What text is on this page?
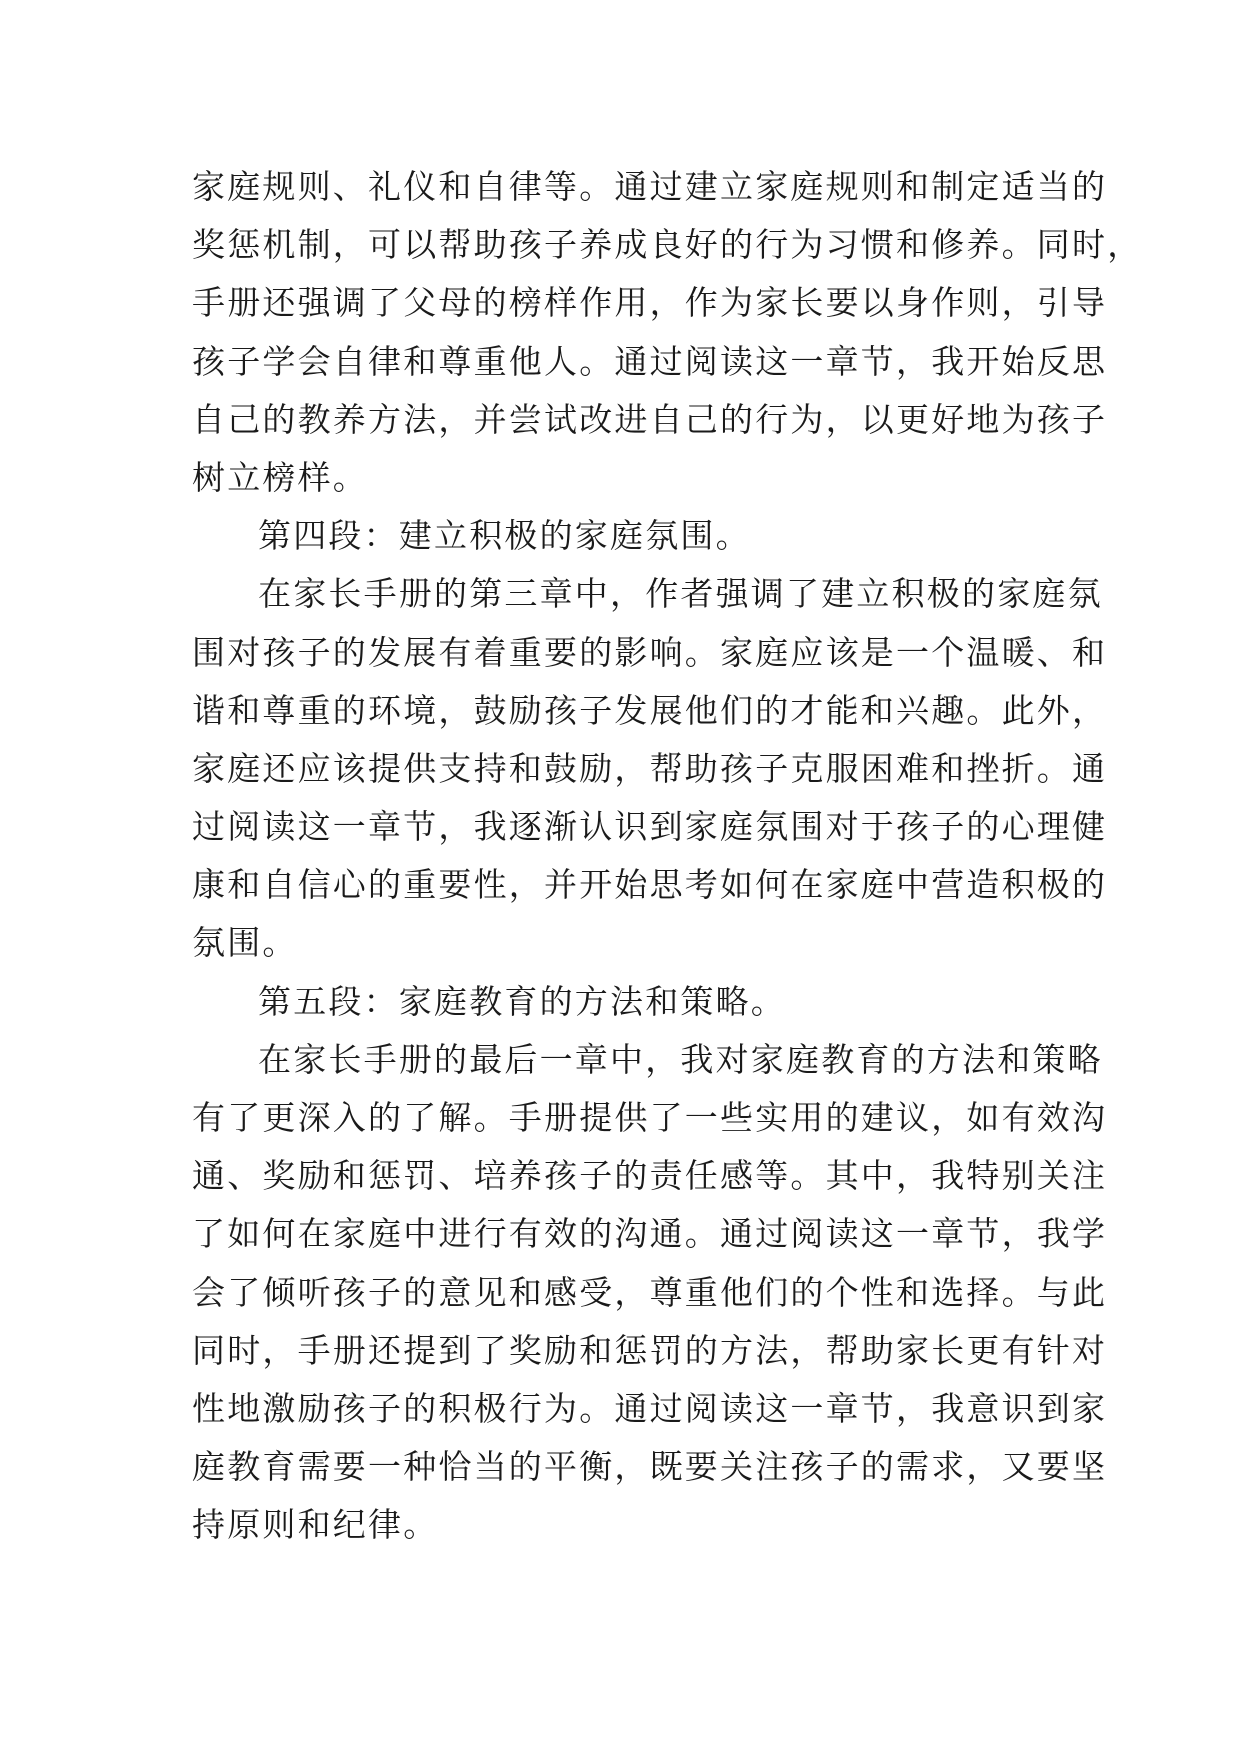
家庭规则、礼仪和自律等。通过建立家庭规则和制定适当的
奖惩机制，可以帮助孩子养成良好的行为习惯和修养。同时，
手册还强调了父母的榜样作用，作为家长要以身作则，引导
孩子学会自律和尊重他人。通过阅读这一章节，我开始反思
自己的教养方法，并尝试改进自己的行为，以更好地为孩子
树立榜样。
第四段：建立积极的家庭氛围。
在家长手册的第三章中，作者强调了建立积极的家庭氛
围对孩子的发展有着重要的影响。家庭应该是一个温暖、和
谐和尊重的环境，鼓励孩子发展他们的才能和兴趣。此外，
家庭还应该提供支持和鼓励，帮助孩子克服困难和挫折。通
过阅读这一章节，我逐渐认识到家庭氛围对于孩子的心理健
康和自信心的重要性，并开始思考如何在家庭中营造积极的
氛围。
第五段：家庭教育的方法和策略。
在家长手册的最后一章中，我对家庭教育的方法和策略
有了更深入的了解。手册提供了一些实用的建议，如有效沟
通、奖励和惩罚、培养孩子的责任感等。其中，我特别关注
了如何在家庭中进行有效的沟通。通过阅读这一章节，我学
会了倾听孩子的意见和感受，尊重他们的个性和选择。与此
同时，手册还提到了奖励和惩罚的方法，帮助家长更有针对
性地激励孩子的积极行为。通过阅读这一章节，我意识到家
庭教育需要一种恰当的平衡，既要关注孩子的需求，又要坚
持原则和纪律。
